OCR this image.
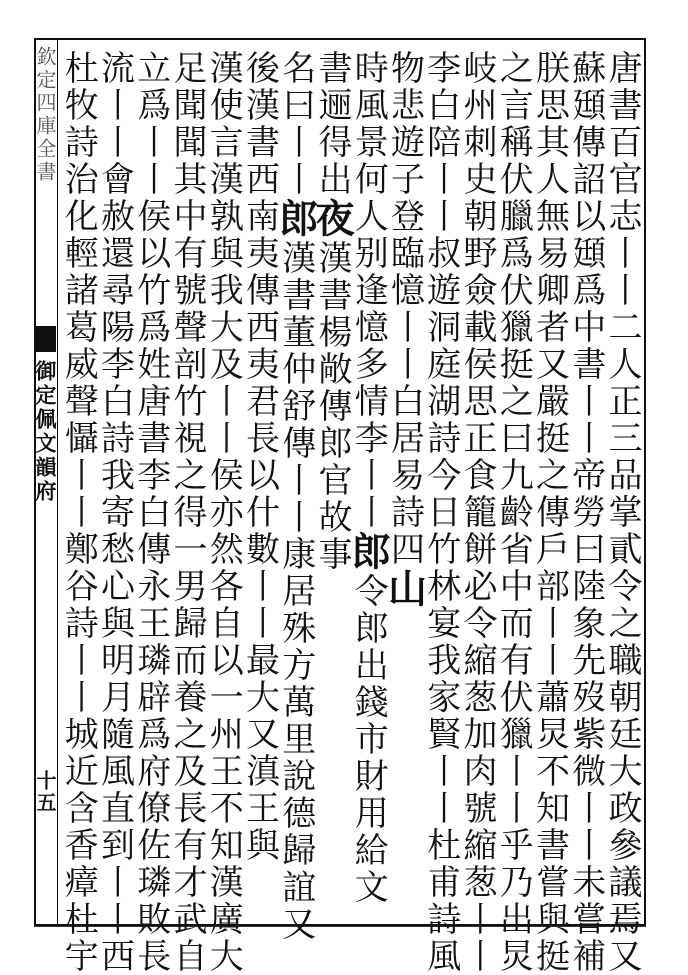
欽定四庫全書
御定佩文韻府
十五	唐書百官志丨丨二人正三品掌貳令之職朝廷大政參議焉又
蘇頲傳詔以頲爲中書丨丨帝勞曰陸象先歿紫微丨丨未嘗補
朕思其人無易卿者又嚴挺之傳戶部丨丨蕭炅不知書嘗與挺
之言稱伏臘爲伏獵挺之曰九齡省中而有伏獵丨丨乎乃出炅
岐州刺史朝野僉載侯思正食籠餅必令縮葱加肉號縮葱丨丨
李白陪丨丨叔遊洞庭湖詩今日竹林宴我家賢丨丨杜甫詩風
物悲遊子登臨憶丨丨白居易詩四山
時風景何人别逢憶多情李丨丨郎令郎出錢市財用給文
書逦得出夜漢書楊敞傳郎官故事
名曰丨丨郎漢書董仲舒傳丨丨康居殊方萬里說德歸誼又
後漢書西南夷傳西夷君長以什數丨丨最大又滇王與
漢使言漢孰與我大及丨丨侯亦然各自以一州王不知漢廣大
足聞聞其中有號聲剖竹視之得一男歸而養之及長有才武自
立爲丨丨侯以竹爲姓唐書李白傳永王璘辟爲府僚佐璘敗長
流丨丨會赦還尋陽李白詩我寄愁心與明月隨風直到丨丨西
杜牧詩治化輕諸葛威聲懾丨丨鄭谷詩丨丨城近含香瘴杜宇
